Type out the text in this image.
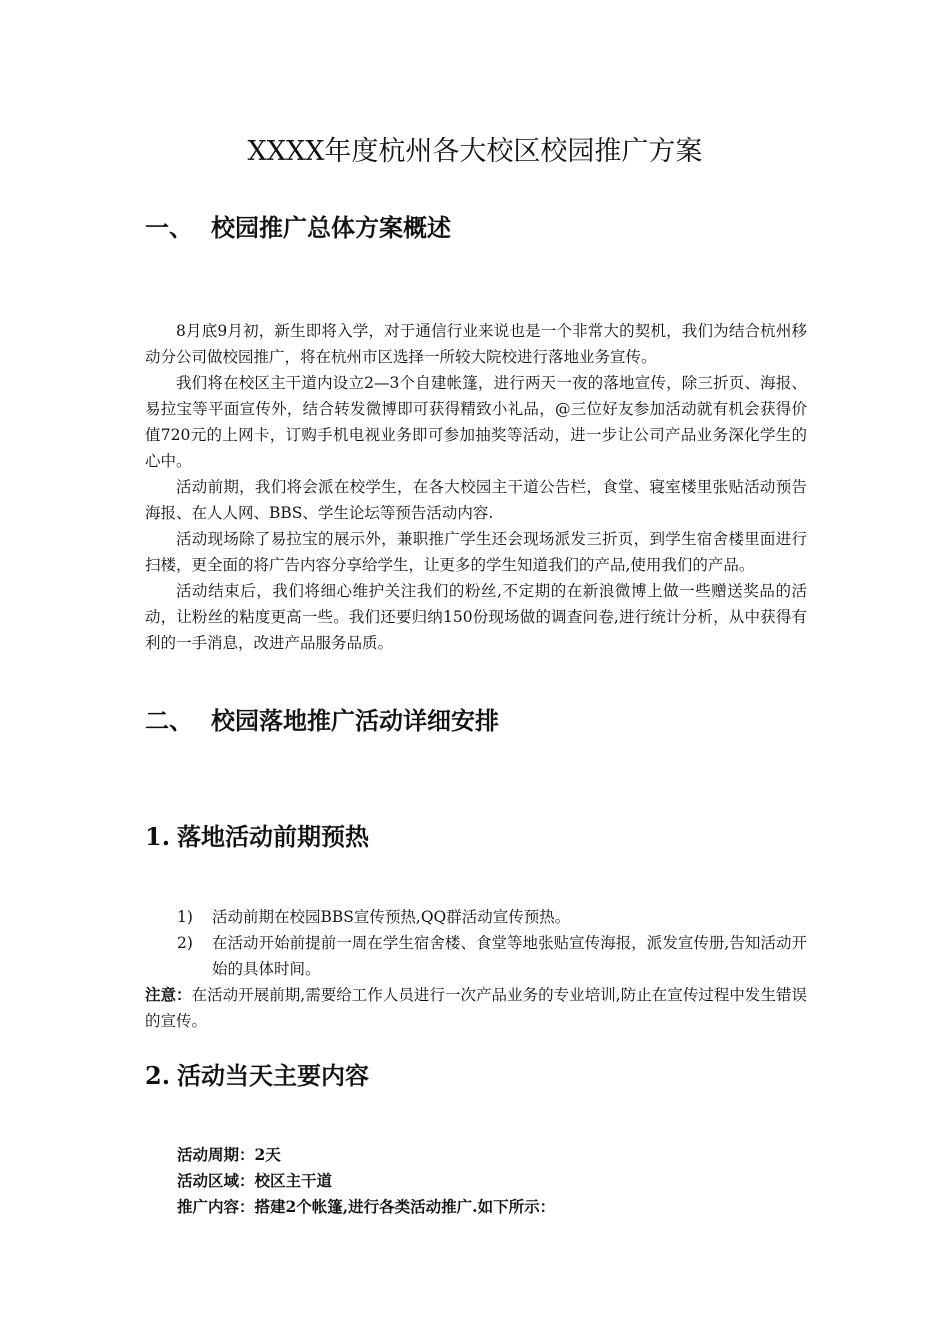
XXXX年度杭州各大校区校园推广方案
一、 校园推广总体方案概述

8月底9月初，新生即将入学，对于通信行业来说也是一个非常大的契机，我们为结合杭州移动分公司做校园推广，将在杭州市区选择一所较大院校进行落地业务宣传。

我们将在校区主干道内设立2—3个自建帐篷，进行两天一夜的落地宣传，除三折页、海报、易拉宝等平面宣传外，结合转发微博即可获得精致小礼品，@三位好友参加活动就有机会获得价值720元的上网卡，订购手机电视业务即可参加抽奖等活动，进一步让公司产品业务深化学生的心中。

活动前期，我们将会派在校学生，在各大校园主干道公告栏，食堂、寝室楼里张贴活动预告海报、在人人网、BBS、学生论坛等预告活动内容.

活动现场除了易拉宝的展示外，兼职推广学生还会现场派发三折页，到学生宿舍楼里面进行扫楼，更全面的将广告内容分享给学生，让更多的学生知道我们的产品,使用我们的产品。

活动结束后，我们将细心维护关注我们的粉丝,不定期的在新浪微博上做一些赠送奖品的活动，让粉丝的粘度更高一些。我们还要归纳150份现场做的调查问卷,进行统计分析，从中获得有利的一手消息，改进产品服务品质。

二、 校园落地推广活动详细安排
1. 落地活动前期预热
1) 活动前期在校园BBS宣传预热,QQ群活动宣传预热。
2) 在活动开始前提前一周在学生宿舍楼、食堂等地张贴宣传海报，派发宣传册,告知活动开始的具体时间。

注意：在活动开展前期,需要给工作人员进行一次产品业务的专业培训,防止在宣传过程中发生错误的宣传。

2. 活动当天主要内容
活动周期：2天
活动区域：校区主干道
推广内容：搭建2个帐篷,进行各类活动推广.如下所示：
